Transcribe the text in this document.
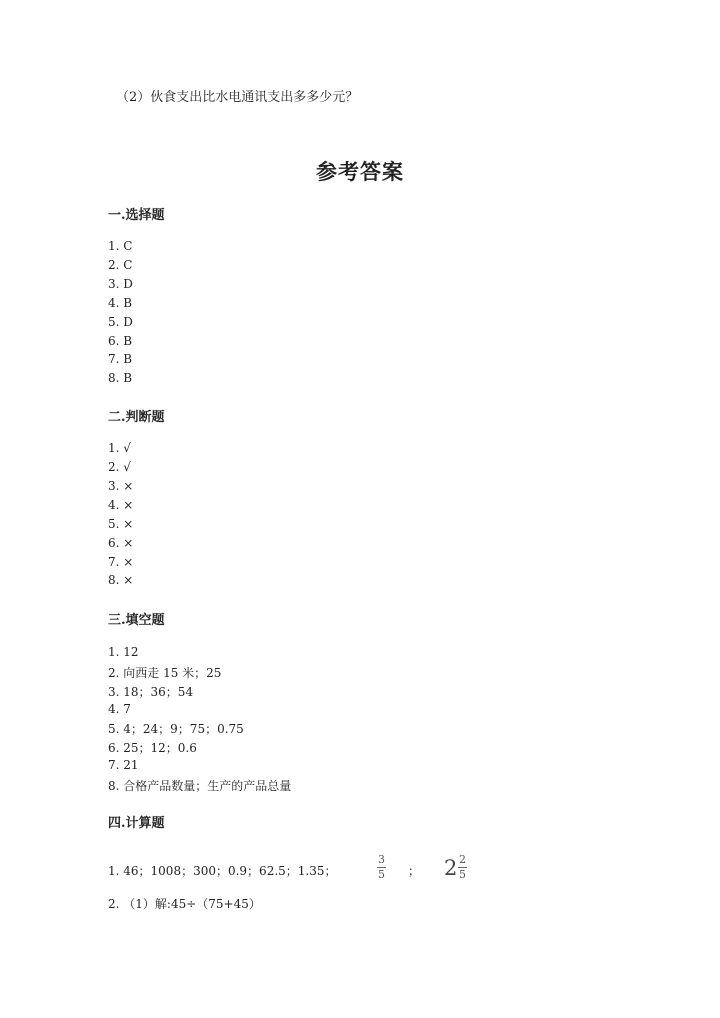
（2）伙食支出比水电通讯支出多多少元？
参考答案
一.选择题
1. C
2. C
3. D
4. B
5. D
6. B
7. B
8. B
二.判断题
1. √
2. √
3. ×
4. ×
5. ×
6. ×
7. ×
8. ×
三.填空题
1. 12
2. 向西走 15 米；25
3. 18；36；54
4. 7
5. 4；24；9；75；0.75
6. 25；12；0.6
7. 21
8. 合格产品数量；生产的产品总量
四.计算题
1. 46；1008；300；0.9；62.5；1.35；
3
5 ； 2 2
5
2. （1）解:45÷（75+45）
